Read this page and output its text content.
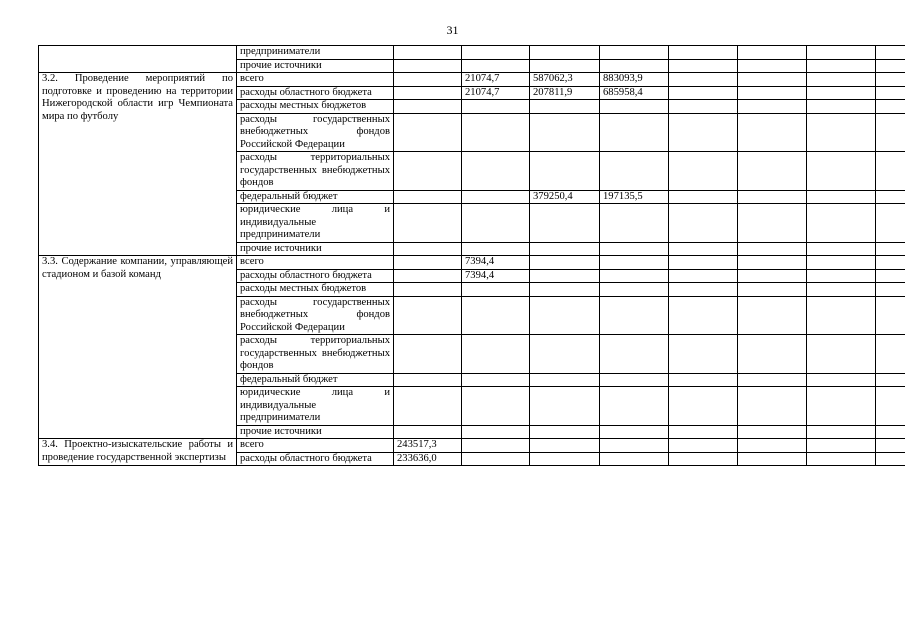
31
	предприниматели								
	прочие источники								
3.2. Проведение мероприятий по подготовке и проведению на территории Нижегородской области игр Чемпионата мира по футболу	всего		21074,7	587062,3	883093,9				
	расходы областного бюджета		21074,7	207811,9	685958,4				
	расходы местных бюджетов								
	расходы государственных внебюджетных фондов Российской Федерации								
	расходы территориальных государственных внебюджетных фондов								
	федеральный бюджет			379250,4	197135,5				
	юридические лица и индивидуальные предприниматели								
	прочие источники								
3.3. Содержание компании, управляющей стадионом и базой команд	всего		7394,4						
	расходы областного бюджета		7394,4						
	расходы местных бюджетов								
	расходы государственных внебюджетных фондов Российской Федерации								
	расходы территориальных государственных внебюджетных фондов								
	федеральный бюджет								
	юридические лица и индивидуальные предприниматели								
	прочие источники								
3.4. Проектно-изыскательские работы и проведение государственной экспертизы	всего	243517,3							
	расходы областного бюджета	233636,0							
